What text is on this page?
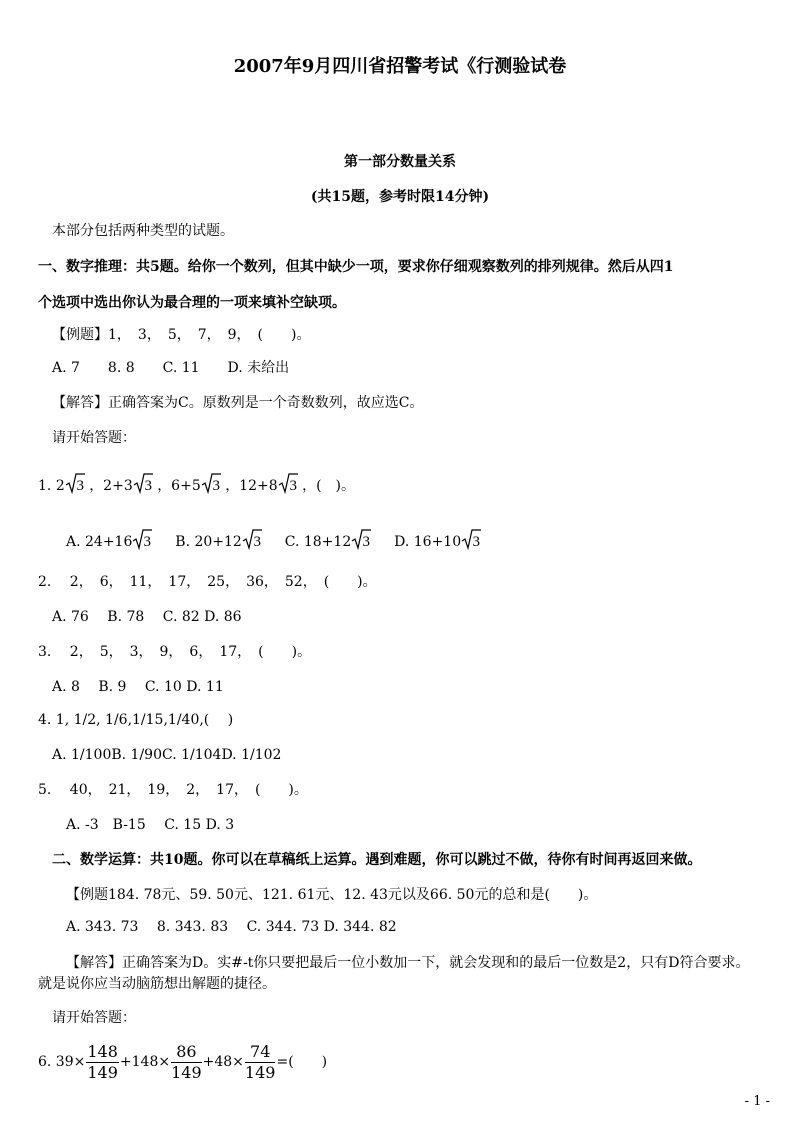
2007年9月四川省招警考试《行测验试卷
第一部分数量关系
(共15题，参考时限14分钟)
本部分包括两种类型的试题。
一、数字推理：共5题。给你一个数列，但其中缺少一项，要求你仔细观察数列的排列规律。然后从四1
个选项中选出你认为最合理的一项来填补空缺项。
【例题】1，　3，　5，　7，　9，　(　　)。
A. 7　　8. 8　　C. 11　　D. 未给出
【解答】正确答案为C。原数列是一个奇数数列，故应选C。
请开始答题：
1. 2 3 ，2+3 3 ，6+5 3 ，12+8 3 ，(　)。
A. 24+16 3 B. 20+12 3 C. 18+12 3 D. 16+10 3
2.　 2，　6，　11，　17，　25，　36，　52，　(　　)。
A. 76　 B. 78　 C. 82 D. 86
3.　 2，　5，　3，　9，　6，　17，　(　　)。
A. 8　 B. 9　 C. 10 D. 11
4. 1, 1/2, 1/6,1/15,1/40,(　 )
A. 1/100B. 1/90C. 1/104D. 1/102
5.　 40，　21，　19，　2，　17，　(　　)。
A. -3　B-15　 C. 15 D. 3
二、数学运算：共10题。你可以在草稿纸上运算。遇到难题，你可以跳过不做，待你有时间再返回来做。
【例题184. 78元、59. 50元、121. 61元、12. 43元以及66. 50元的总和是(　　)。
A. 343. 73　 8. 343. 83　 C. 344. 73 D. 344. 82
【解答】正确答案为D。实#-t你只要把最后一位小数加一下，就会发现和的最后一位数是2，只有D符合要求。
就是说你应当动脑筋想出解题的捷径。
请开始答题：
6. $39\times \frac{148}{149} +148\times \frac{86}{149} +48\times \frac{74}{149}$ =(　　)
- 1 -
